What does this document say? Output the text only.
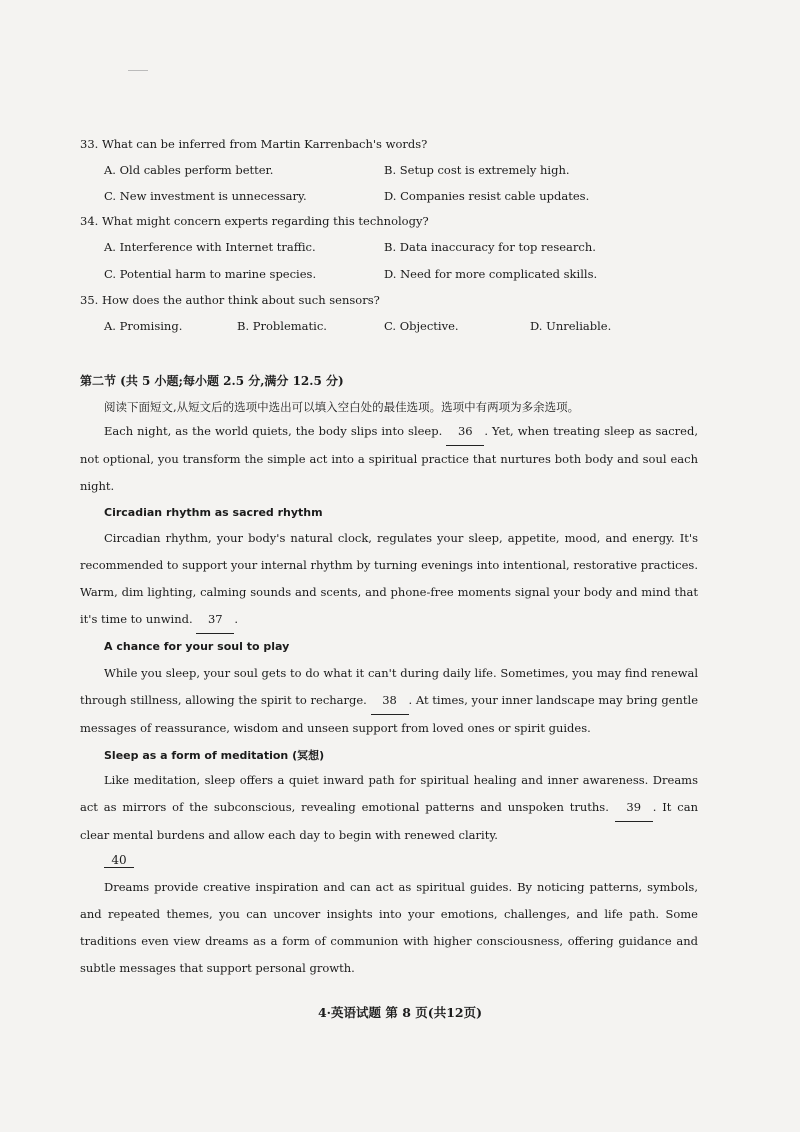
33. What can be inferred from Martin Karrenbach's words?
A. Old cables perform better.	B. Setup cost is extremely high.
C. New investment is unnecessary.	D. Companies resist cable updates.
34. What might concern experts regarding this technology?
A. Interference with Internet traffic.	B. Data inaccuracy for top research.
C. Potential harm to marine species.	D. Need for more complicated skills.
35. How does the author think about such sensors?
A. Promising.	B. Problematic.	C. Objective.	D. Unreliable.
第二节 (共 5 小题;每小题 2.5 分,满分 12.5 分)
阅读下面短文,从短文后的选项中选出可以填入空白处的最佳选项。选项中有两项为多余选项。
Each night, as the world quiets, the body slips into sleep. 36 . Yet, when treating sleep as sacred, not optional, you transform the simple act into a spiritual practice that nurtures both body and soul each night.
Circadian rhythm as sacred rhythm
Circadian rhythm, your body's natural clock, regulates your sleep, appetite, mood, and energy. It's recommended to support your internal rhythm by turning evenings into intentional, restorative practices. Warm, dim lighting, calming sounds and scents, and phone-free moments signal your body and mind that it's time to unwind. 37 .
A chance for your soul to play
While you sleep, your soul gets to do what it can't during daily life. Sometimes, you may find renewal through stillness, allowing the spirit to recharge. 38 . At times, your inner landscape may bring gentle messages of reassurance, wisdom and unseen support from loved ones or spirit guides.
Sleep as a form of meditation (冥想)
Like meditation, sleep offers a quiet inward path for spiritual healing and inner awareness. Dreams act as mirrors of the subconscious, revealing emotional patterns and unspoken truths. 39 . It can clear mental burdens and allow each day to begin with renewed clarity.
40
Dreams provide creative inspiration and can act as spiritual guides. By noticing patterns, symbols, and repeated themes, you can uncover insights into your emotions, challenges, and life path. Some traditions even view dreams as a form of communion with higher consciousness, offering guidance and subtle messages that support personal growth.
4·英语试题 第 8 页(共12页)
